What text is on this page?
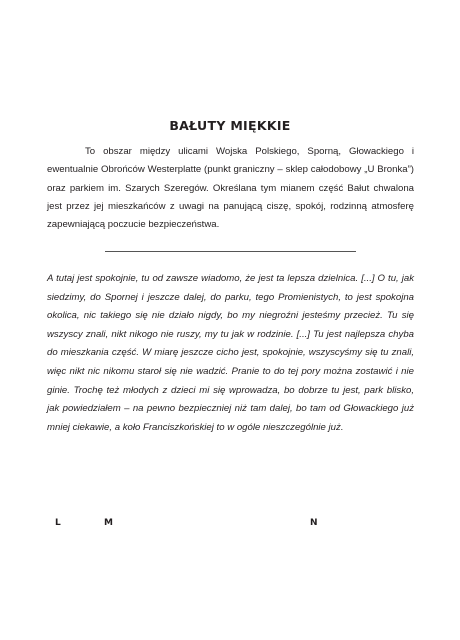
BAŁUTY MIĘKKIE

To obszar między ulicami Wojska Polskiego, Sporną, Głowackiego i ewentualnie Obrońców Westerplatte (punkt graniczny – sklep całodobowy „U Bronka”) oraz parkiem im. Szarych Szeregów. Określana tym mianem część Bałut chwalona jest przez jej mieszkańców z uwagi na panującą ciszę, spokój, rodzinną atmosferę zapewniającą poczucie bezpieczeństwa.

A tutaj jest spokojnie, tu od zawsze wiadomo, że jest ta lepsza dzielnica. [...] O tu, jak siedzimy, do Spornej i jeszcze dalej, do parku, tego Promienistych, to jest spokojna okolica, nic takiego się nie działo nigdy, bo my niegroźni jesteśmy przecież. Tu się wszyscy znali, nikt nikogo nie ruszy, my tu jak w rodzinie. [...] Tu jest najlepsza chyba do mieszkania część. W miarę jeszcze cicho jest, spokojnie, wszyscyśmy się tu znali, więc nikt nic nikomu staroł się nie wadzić. Pranie to do tej pory można zostawić i nie ginie. Trochę też młodych z dzieci mi się wprowadza, bo dobrze tu jest, park blisko, jak powiedziałem – na pewno bezpieczniej niż tam dalej, bo tam od Głowackiego już mniej ciekawie, a koło Franciszkońskiej to w ogóle nieszczególnie już.

L	M	N
